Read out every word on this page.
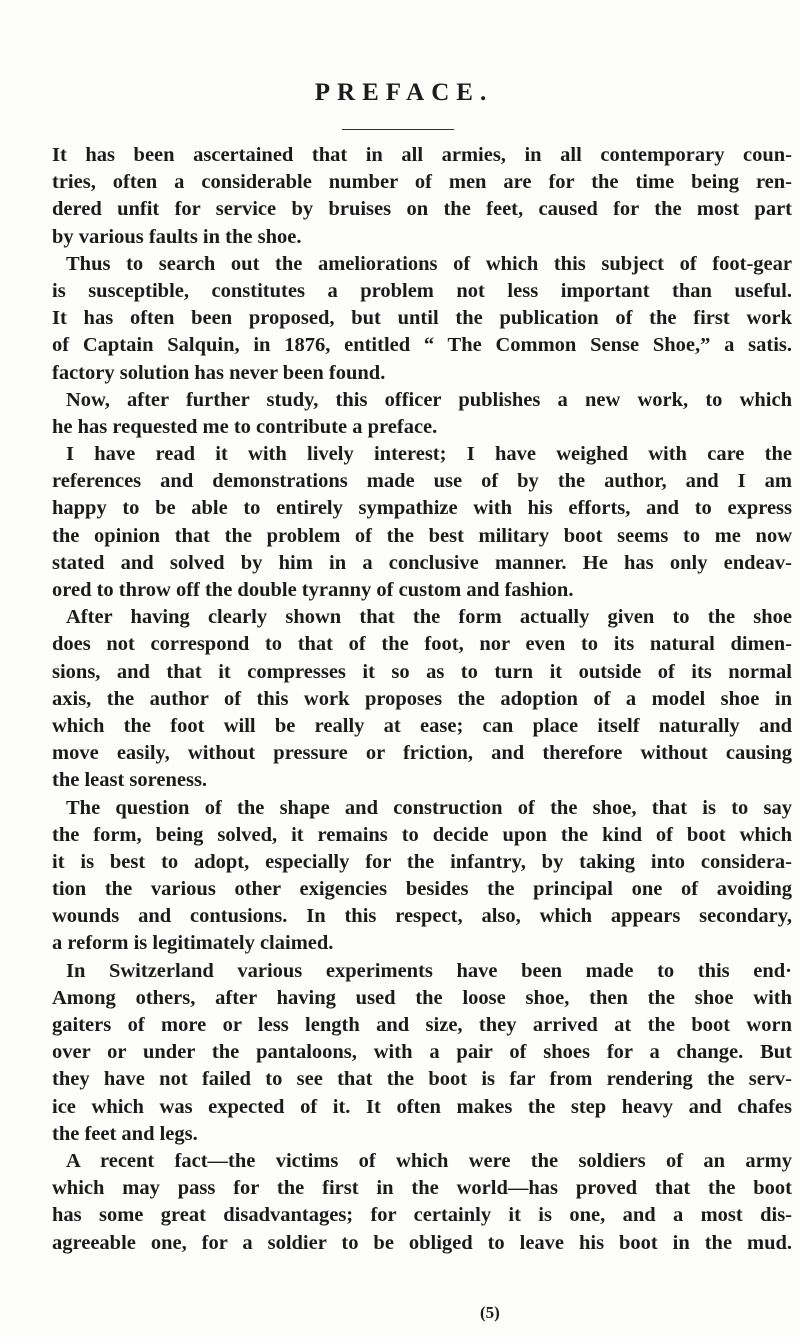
PREFACE.
It has been ascertained that in all armies, in all contemporary coun-
tries, often a considerable number of men are for the time being ren-
dered unfit for service by bruises on the feet, caused for the most part
by various faults in the shoe.
Thus to search out the ameliorations of which this subject of foot-gear
is susceptible, constitutes a problem not less important than useful.
It has often been proposed, but until the publication of the first work
of Captain Salquin, in 1876, entitled “ The Common Sense Shoe,” a satis.
factory solution has never been found.
Now, after further study, this officer publishes a new work, to which
he has requested me to contribute a preface.
I have read it with lively interest; I have weighed with care the
references and demonstrations made use of by the author, and I am
happy to be able to entirely sympathize with his efforts, and to express
the opinion that the problem of the best military boot seems to me now
stated and solved by him in a conclusive manner. He has only endeav-
ored to throw off the double tyranny of custom and fashion.
After having clearly shown that the form actually given to the shoe
does not correspond to that of the foot, nor even to its natural dimen-
sions, and that it compresses it so as to turn it outside of its normal
axis, the author of this work proposes the adoption of a model shoe in
which the foot will be really at ease; can place itself naturally and
move easily, without pressure or friction, and therefore without causing
the least soreness.
The question of the shape and construction of the shoe, that is to say
the form, being solved, it remains to decide upon the kind of boot which
it is best to adopt, especially for the infantry, by taking into considera-
tion the various other exigencies besides the principal one of avoiding
wounds and contusions. In this respect, also, which appears secondary,
a reform is legitimately claimed.
In Switzerland various experiments have been made to this end·
Among others, after having used the loose shoe, then the shoe with
gaiters of more or less length and size, they arrived at the boot worn
over or under the pantaloons, with a pair of shoes for a change. But
they have not failed to see that the boot is far from rendering the serv-
ice which was expected of it. It often makes the step heavy and chafes
the feet and legs.
A recent fact—the victims of which were the soldiers of an army
which may pass for the first in the world—has proved that the boot
has some great disadvantages; for certainly it is one, and a most dis-
agreeable one, for a soldier to be obliged to leave his boot in the mud.
(5)
